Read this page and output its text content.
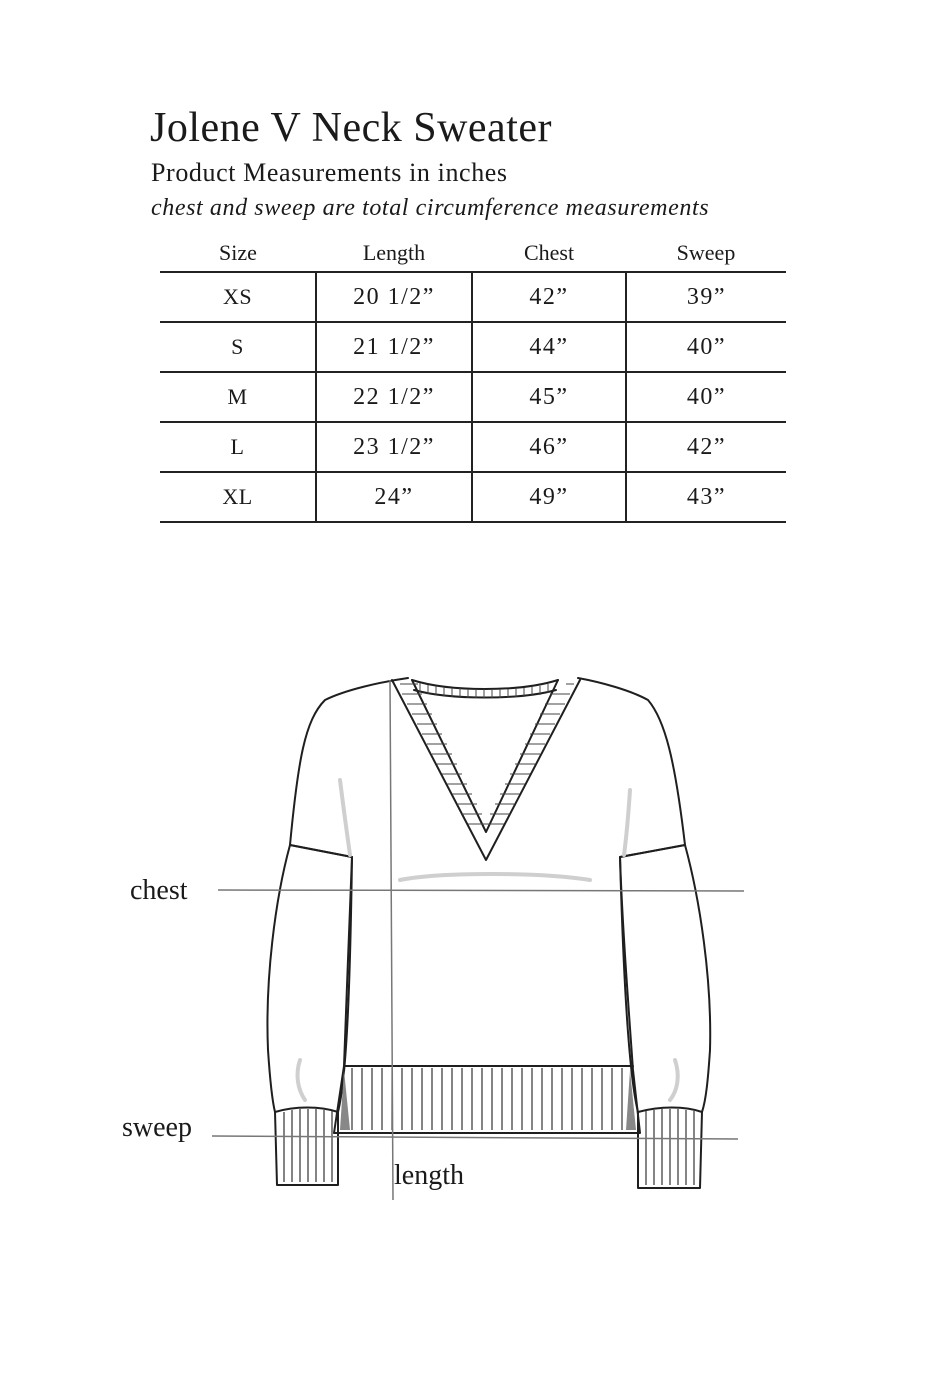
Jolene V Neck Sweater
Product Measurements in inches
chest and sweep are total circumference measurements
Size	Length	Chest	Sweep
XS	20 1/2”	42”	39”
S	21 1/2”	44”	40”
M	22 1/2”	45”	40”
L	23 1/2”	46”	42”
XL	24”	49”	43”
chest
sweep
length
